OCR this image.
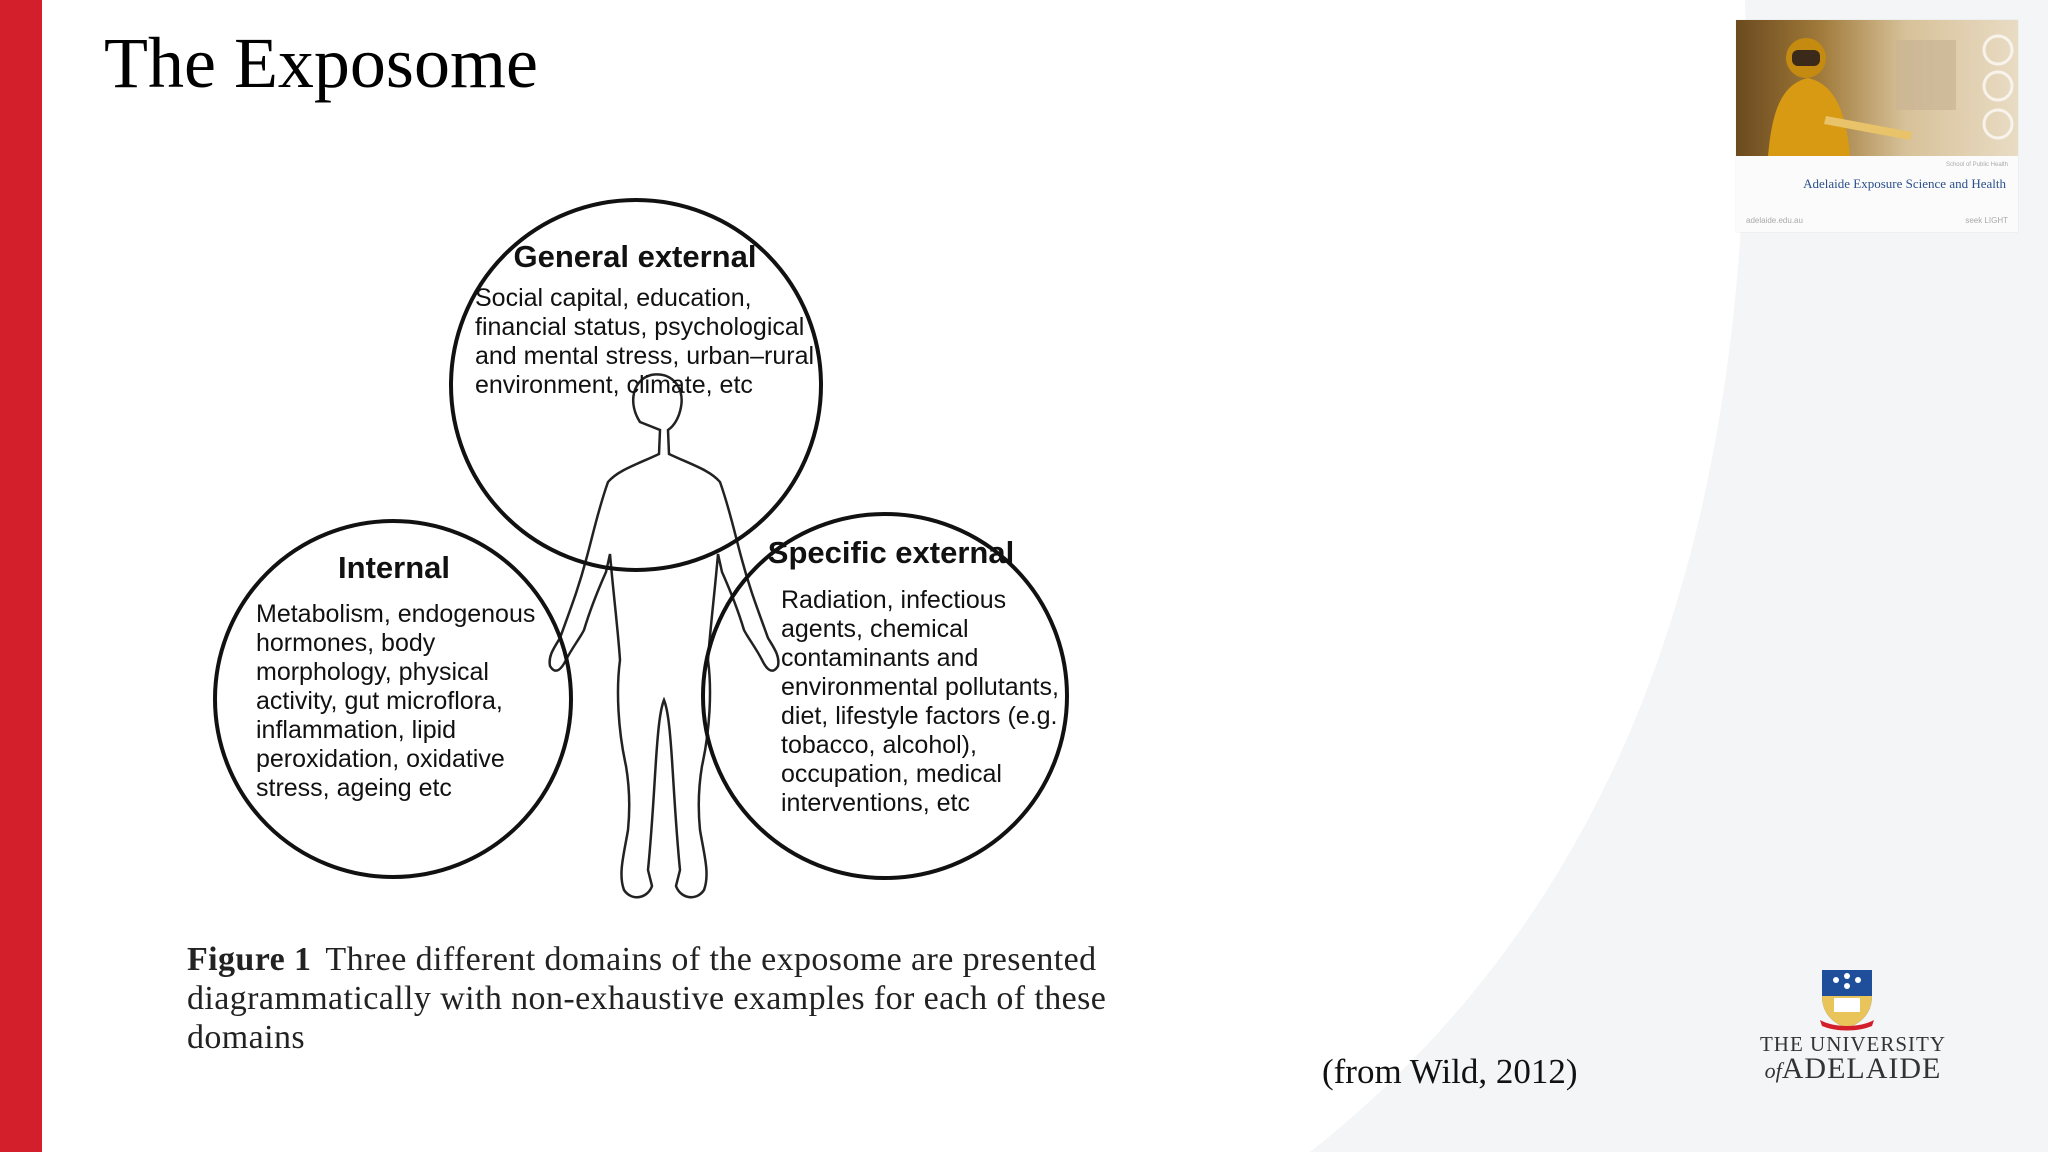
The Exposome
General external
Social capital, education,
financial status, psychological
and mental stress, urban–rural
environment, climate, etc
Internal
Metabolism, endogenous
hormones, body
morphology, physical
activity, gut microflora,
inflammation, lipid
peroxidation, oxidative
stress, ageing etc
Specific external
Radiation, infectious
agents, chemical
contaminants and
environmental pollutants,
diet, lifestyle factors (e.g.
tobacco, alcohol),
occupation, medical
interventions, etc
Figure 1 Three different domains of the exposome are presented diagrammatically with non-exhaustive examples for each of these domains
(from Wild, 2012)
School of Public Health
Adelaide Exposure Science and Health
adelaide.edu.au	seek LIGHT
THE UNIVERSITY
ofADELAIDE
